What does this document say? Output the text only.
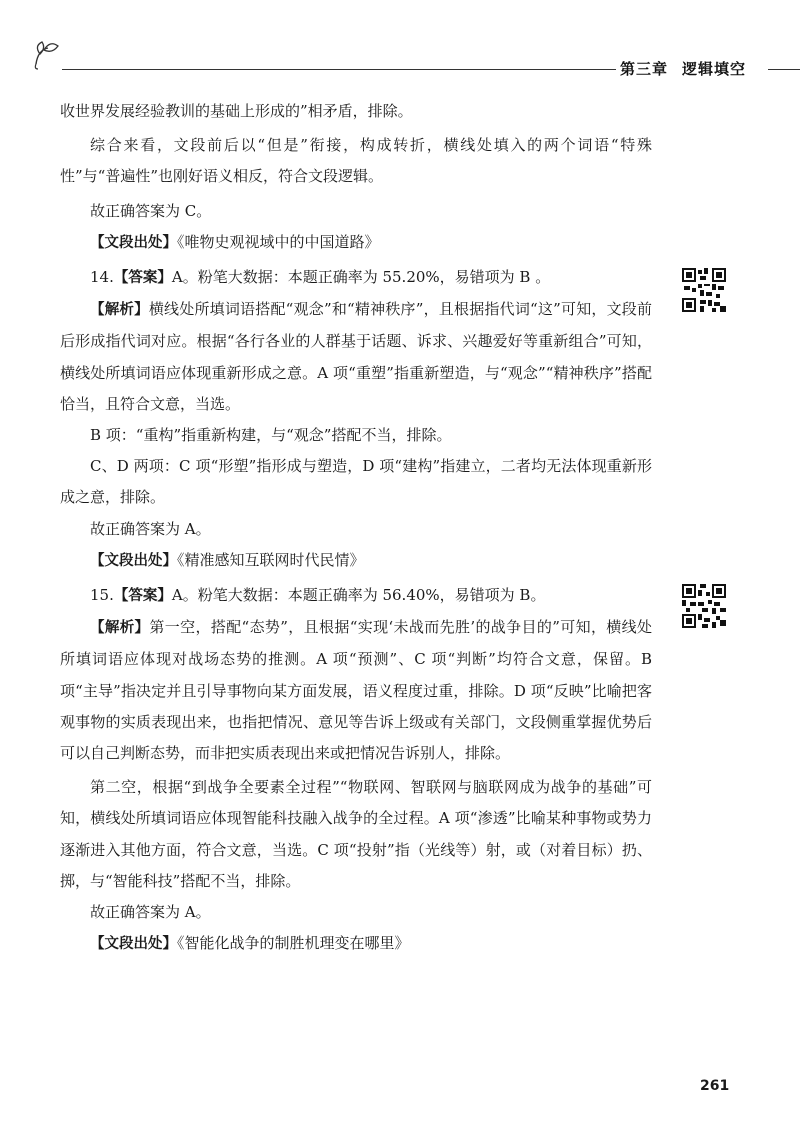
第三章 逻辑填空

收世界发展经验教训的基础上形成的”相矛盾，排除。

综合来看，文段前后以“但是”衔接，构成转折，横线处填入的两个词语“特殊性”与“普遍性”也刚好语义相反，符合文段逻辑。

故正确答案为 C。

【文段出处】《唯物史观视域中的中国道路》

14.【答案】A。粉笔大数据：本题正确率为 55.20%，易错项为 B 。

【解析】横线处所填词语搭配“观念”和“精神秩序”，且根据指代词“这”可知，文段前后形成指代词对应。根据“各行各业的人群基于话题、诉求、兴趣爱好等重新组合”可知，横线处所填词语应体现重新形成之意。A 项“重塑”指重新塑造，与“观念”“精神秩序”搭配恰当，且符合文意，当选。

B 项：“重构”指重新构建，与“观念”搭配不当，排除。

C、D 两项：C 项“形塑”指形成与塑造，D 项“建构”指建立，二者均无法体现重新形成之意，排除。

故正确答案为 A。

【文段出处】《精准感知互联网时代民情》

15.【答案】A。粉笔大数据：本题正确率为 56.40%，易错项为 B。

【解析】第一空，搭配“态势”，且根据“实现‘未战而先胜’的战争目的”可知，横线处所填词语应体现对战场态势的推测。A 项“预测”、C 项“判断”均符合文意，保留。B 项“主导”指决定并且引导事物向某方面发展，语义程度过重，排除。D 项“反映”比喻把客观事物的实质表现出来，也指把情况、意见等告诉上级或有关部门，文段侧重掌握优势后可以自己判断态势，而非把实质表现出来或把情况告诉别人，排除。

第二空，根据“到战争全要素全过程”“物联网、智联网与脑联网成为战争的基础”可知，横线处所填词语应体现智能科技融入战争的全过程。A 项“渗透”比喻某种事物或势力逐渐进入其他方面，符合文意，当选。C 项“投射”指（光线等）射，或（对着目标）扔、掷，与“智能科技”搭配不当，排除。

故正确答案为 A。

【文段出处】《智能化战争的制胜机理变在哪里》

261
